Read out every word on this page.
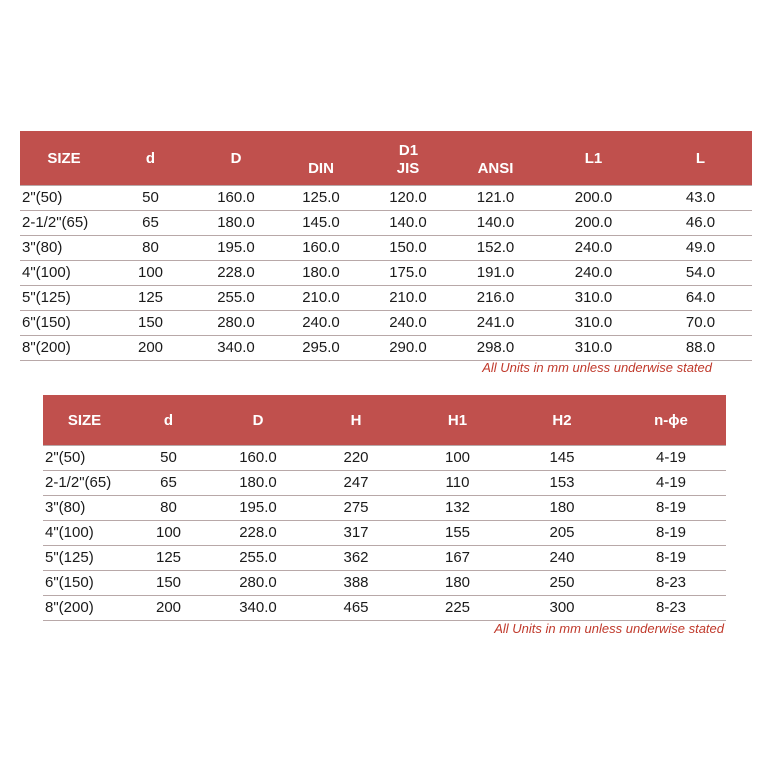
SIZE	d	D	D1			L1	L
			DIN	JIS	ANSI		
2"(50)	50	160.0	125.0	120.0	121.0	200.0	43.0
2-1/2"(65)	65	180.0	145.0	140.0	140.0	200.0	46.0
3"(80)	80	195.0	160.0	150.0	152.0	240.0	49.0
4"(100)	100	228.0	180.0	175.0	191.0	240.0	54.0
5"(125)	125	255.0	210.0	210.0	216.0	310.0	64.0
6"(150)	150	280.0	240.0	240.0	241.0	310.0	70.0
8"(200)	200	340.0	295.0	290.0	298.0	310.0	88.0
All Units in mm unless underwise stated
SIZE	d	D	H	H1	H2	n-ϕe
2"(50)	50	160.0	220	100	145	4-19
2-1/2"(65)	65	180.0	247	110	153	4-19
3"(80)	80	195.0	275	132	180	8-19
4"(100)	100	228.0	317	155	205	8-19
5"(125)	125	255.0	362	167	240	8-19
6"(150)	150	280.0	388	180	250	8-23
8"(200)	200	340.0	465	225	300	8-23
All Units in mm unless underwise stated
